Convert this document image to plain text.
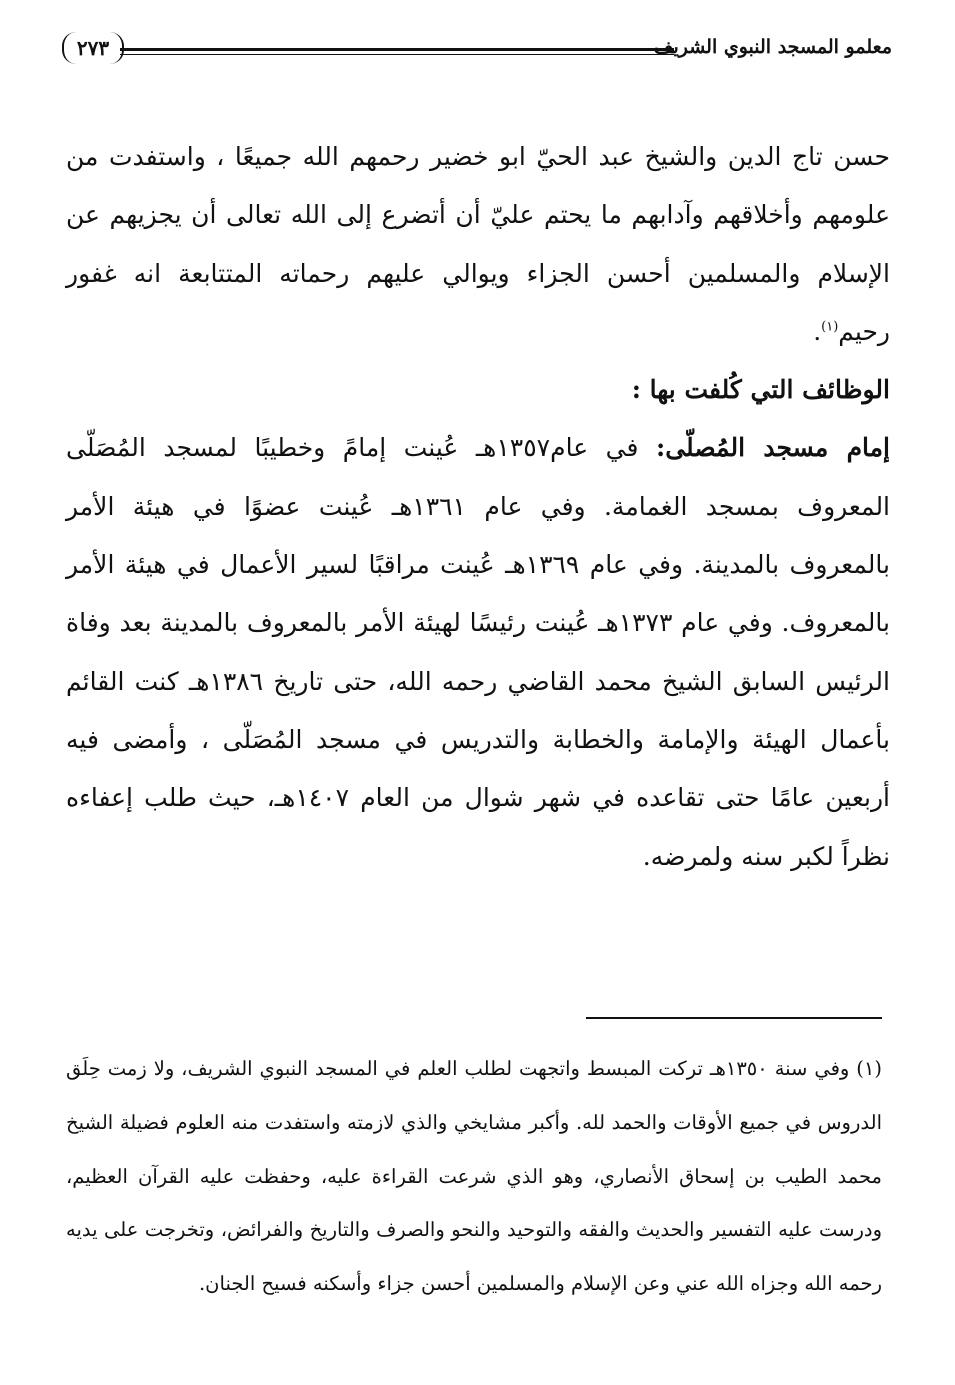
معلمو المسجد النبوي الشريف
٢٧٣

حسن تاج الدين والشيخ عبد الحيّ ابو خضير رحمهم الله جميعًا ، واستفدت من علومهم وأخلاقهم وآدابهم ما يحتم عليّ أن أتضرع إلى الله تعالى أن يجزيهم عن الإسلام والمسلمين أحسن الجزاء ويوالي عليهم رحماته المتتابعة انه غفور رحيم$^{(١)}$.

الوظائف التي كُلفت بها :

إمام مسجد المُصلّى: في عام١٣٥٧هـ عُينت إمامً وخطيبًا لمسجد المُصَلّى المعروف بمسجد الغمامة. وفي عام ١٣٦١هـ عُينت عضوًا في هيئة الأمر بالمعروف بالمدينة. وفي عام ١٣٦٩هـ عُينت مراقبًا لسير الأعمال في هيئة الأمر بالمعروف. وفي عام ١٣٧٣هـ عُينت رئيسًا لهيئة الأمر بالمعروف بالمدينة بعد وفاة الرئيس السابق الشيخ محمد القاضي رحمه الله، حتى تاريخ ١٣٨٦هـ كنت القائم بأعمال الهيئة والإمامة والخطابة والتدريس في مسجد المُصَلّى ، وأمضى فيه أربعين عامًا حتى تقاعده في شهر شوال من العام ١٤٠٧هـ، حيث طلب إعفاءه نظراً لكبر سنه ولمرضه.

(١) وفي سنة ١٣٥٠هـ تركت المبسط واتجهت لطلب العلم في المسجد النبوي الشريف، ولا زمت حِلَق الدروس في جميع الأوقات والحمد لله. وأكبر مشايخي والذي لازمته واستفدت منه العلوم فضيلة الشيخ محمد الطيب بن إسحاق الأنصاري، وهو الذي شرعت القراءة عليه، وحفظت عليه القرآن العظيم، ودرست عليه التفسير والحديث والفقه والتوحيد والنحو والصرف والتاريخ والفرائض، وتخرجت على يديه رحمه الله وجزاه الله عني وعن الإسلام والمسلمين أحسن جزاء وأسكنه فسيح الجنان.
